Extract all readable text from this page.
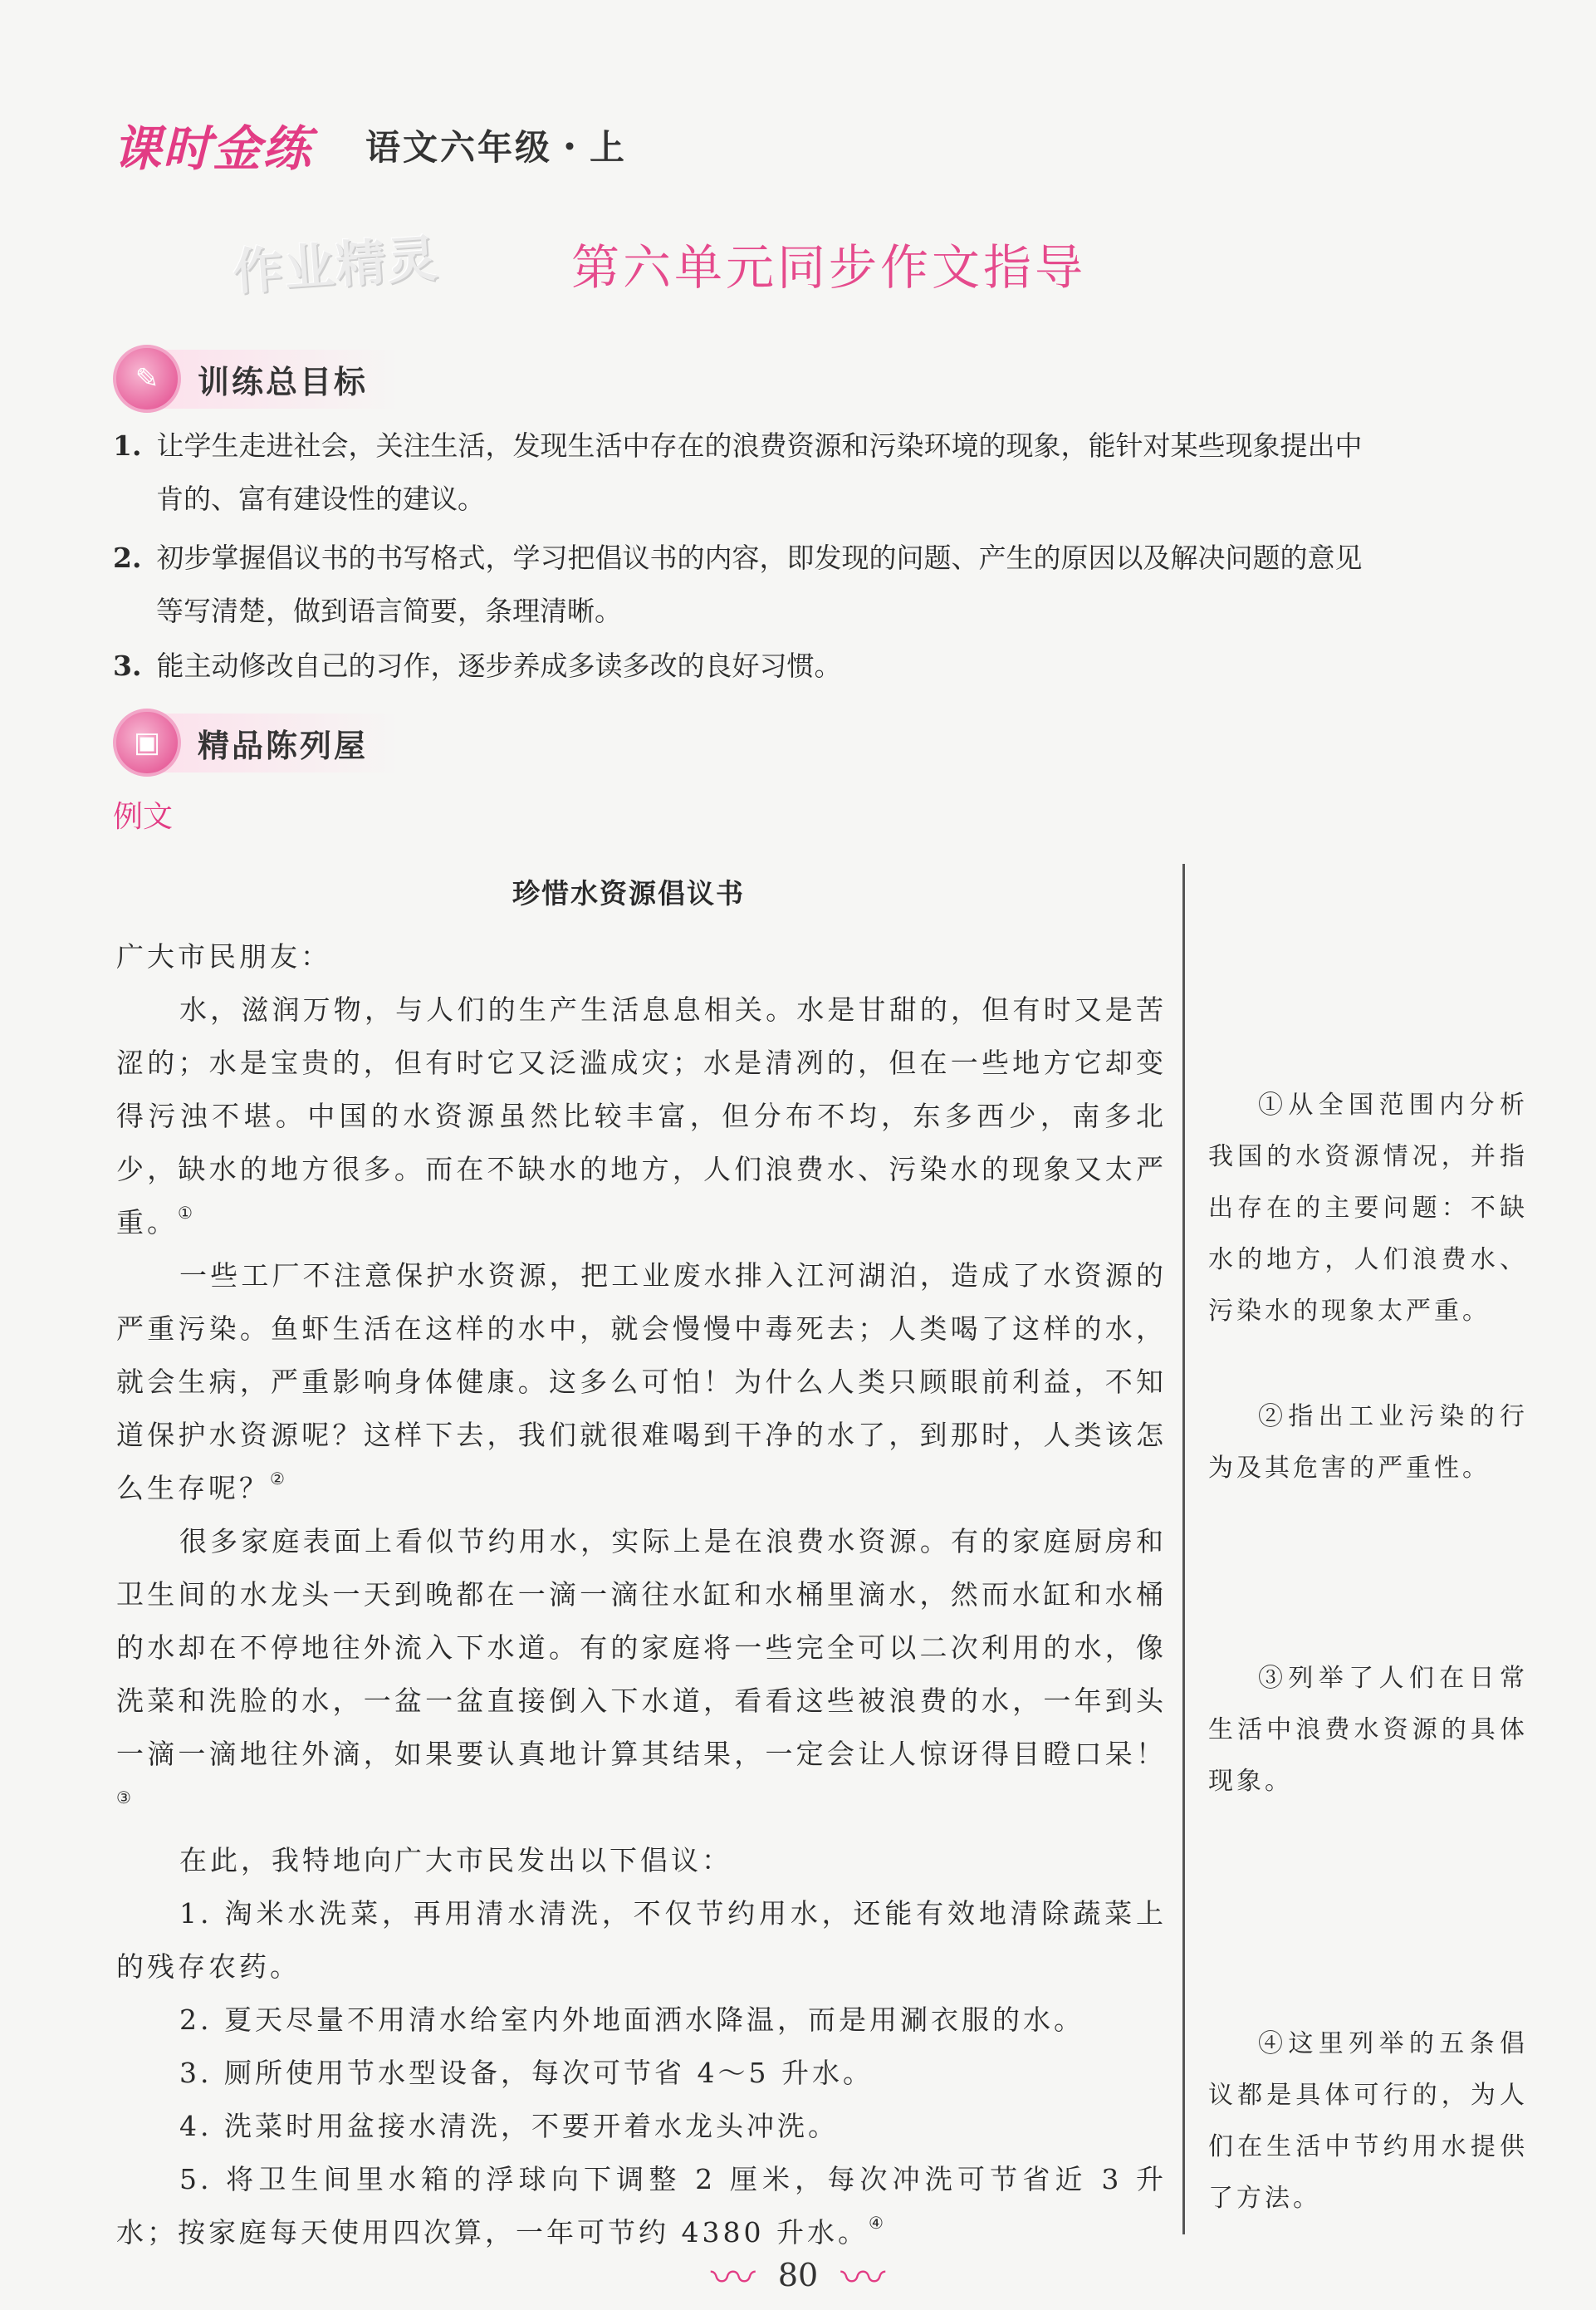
课时金练 语文六年级・上
作业精灵	第六单元同步作文指导
✎	训练总目标
1. 让学生走进社会，关注生活，发现生活中存在的浪费资源和污染环境的现象，能针对某些现象提出中
肯的、富有建设性的建议。
2. 初步掌握倡议书的书写格式，学习把倡议书的内容，即发现的问题、产生的原因以及解决问题的意见
等写清楚，做到语言简要，条理清晰。
3. 能主动修改自己的习作，逐步养成多读多改的良好习惯。
▣	精品陈列屋
例文
珍惜水资源倡议书

广大市民朋友：

水，滋润万物，与人们的生产生活息息相关。水是甘甜的，但有时又是苦涩的；水是宝贵的，但有时它又泛滥成灾；水是清冽的，但在一些地方它却变得污浊不堪。中国的水资源虽然比较丰富，但分布不均，东多西少，南多北少，缺水的地方很多。而在不缺水的地方，人们浪费水、污染水的现象又太严重。①

一些工厂不注意保护水资源，把工业废水排入江河湖泊，造成了水资源的严重污染。鱼虾生活在这样的水中，就会慢慢中毒死去；人类喝了这样的水，就会生病，严重影响身体健康。这多么可怕！为什么人类只顾眼前利益，不知道保护水资源呢？这样下去，我们就很难喝到干净的水了，到那时，人类该怎么生存呢？②

很多家庭表面上看似节约用水，实际上是在浪费水资源。有的家庭厨房和卫生间的水龙头一天到晚都在一滴一滴往水缸和水桶里滴水，然而水缸和水桶的水却在不停地往外流入下水道。有的家庭将一些完全可以二次利用的水，像洗菜和洗脸的水，一盆一盆直接倒入下水道，看看这些被浪费的水，一年到头一滴一滴地往外滴，如果要认真地计算其结果，一定会让人惊讶得目瞪口呆！③

在此，我特地向广大市民发出以下倡议：

1. 淘米水洗菜，再用清水清洗，不仅节约用水，还能有效地清除蔬菜上的残存农药。

2. 夏天尽量不用清水给室内外地面洒水降温，而是用涮衣服的水。

3. 厕所使用节水型设备，每次可节省 4～5 升水。

4. 洗菜时用盆接水清洗，不要开着水龙头冲洗。

5. 将卫生间里水箱的浮球向下调整 2 厘米，每次冲洗可节省近 3 升水；按家庭每天使用四次算，一年可节约 4380 升水。④

①从全国范围内分析我国的水资源情况，并指出存在的主要问题：不缺水的地方，人们浪费水、污染水的现象太严重。

②指出工业污染的行为及其危害的严重性。

③列举了人们在日常生活中浪费水资源的具体现象。

④这里列举的五条倡议都是具体可行的，为人们在生活中节约用水提供了方法。

〰 80 〰
